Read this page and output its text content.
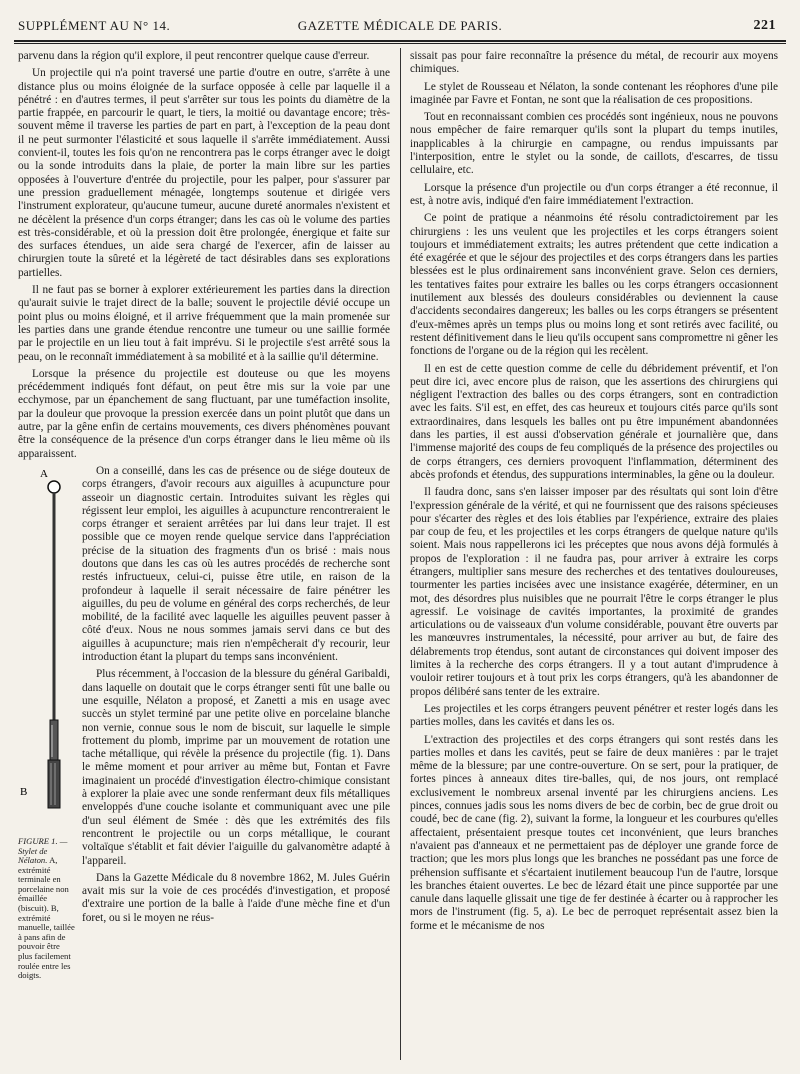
SUPPLÉMENT AU N° 14.	GAZETTE MÉDICALE DE PARIS.	221

parvenu dans la région qu'il explore, il peut rencontrer quelque cause d'erreur.

Un projectile qui n'a point traversé une partie d'outre en outre, s'arrête à une distance plus ou moins éloignée de la surface opposée à celle par laquelle il a pénétré : en d'autres termes, il peut s'arrêter sur tous les points du diamètre de la partie frappée, en parcourir le quart, le tiers, la moitié ou davantage encore; très-souvent même il traverse les parties de part en part, à l'exception de la peau dont il ne peut surmonter l'élasticité et sous laquelle il s'arrête immédiatement. Aussi convient-il, toutes les fois qu'on ne rencontrera pas le corps étranger avec le doigt ou la sonde introduits dans la plaie, de porter la main libre sur les parties opposées à l'ouverture d'entrée du projectile, pour les palper, pour s'assurer par une pression graduellement ménagée, longtemps soutenue et dirigée vers l'instrument explorateur, qu'aucune tumeur, aucune dureté anormales n'existent et ne décèlent la présence d'un corps étranger; dans les cas où le volume des parties est très-considérable, et où la pression doit être prolongée, énergique et faite sur des surfaces étendues, un aide sera chargé de l'exercer, afin de laisser au chirurgien toute la sûreté et la légèreté de tact désirables dans ses explorations partielles.

Il ne faut pas se borner à explorer extérieurement les parties dans la direction qu'aurait suivie le trajet direct de la balle; souvent le projectile dévié occupe un point plus ou moins éloigné, et il arrive fréquemment que la main promenée sur les parties dans une grande étendue rencontre une tumeur ou une saillie formée par le projectile en un lieu tout à fait imprévu. Si le projectile s'est arrêté sous la peau, on le reconnaît immédiatement à sa mobilité et à la saillie qu'il détermine.

Lorsque la présence du projectile est douteuse ou que les moyens précédemment indiqués font défaut, on peut être mis sur la voie par une ecchymose, par un épanchement de sang fluctuant, par une tuméfaction insolite, par la douleur que provoque la pression exercée dans un point plutôt que dans un autre, par la gêne enfin de certains mouvements, ces divers phénomènes pouvant être la conséquence de la présence d'un corps étranger dans le lieu même où ils apparaissent.

A
B
FIGURE 1. — Stylet de Nélaton. A, extrémité terminale en porcelaine non émaillée (biscuit). B, extrémité manuelle, taillée à pans afin de pouvoir être plus facilement roulée entre les doigts.

On a conseillé, dans les cas de présence ou de siége douteux de corps étrangers, d'avoir recours aux aiguilles à acupuncture pour asseoir un diagnostic certain. Introduites suivant les règles qui régissent leur emploi, les aiguilles à acupuncture rencontreraient le corps étranger et seraient arrêtées par lui dans leur trajet. Il est possible que ce moyen rende quelque service dans l'appréciation précise de la situation des fragments d'un os brisé : mais nous doutons que dans les cas où les autres procédés de recherche sont restés infructueux, celui-ci, puisse être utile, en raison de la profondeur à laquelle il serait nécessaire de faire pénétrer les aiguilles, du peu de volume en général des corps recherchés, de leur mobilité, de la facilité avec laquelle les aiguilles peuvent passer à côté d'eux. Nous ne nous sommes jamais servi dans ce but des aiguilles à acupuncture; mais rien n'empêcherait d'y recourir, leur introduction étant la plupart du temps sans inconvénient.

Plus récemment, à l'occasion de la blessure du général Garibaldi, dans laquelle on doutait que le corps étranger senti fût une balle ou une esquille, Nélaton a proposé, et Zanetti a mis en usage avec succès un stylet terminé par une petite olive en porcelaine blanche non vernie, connue sous le nom de biscuit, sur laquelle le simple frottement du plomb, imprime par un mouvement de rotation une tache métallique, qui révèle la présence du projectile (fig. 1). Dans le même moment et pour arriver au même but, Fontan et Favre imaginaient un procédé d'investigation électro-chimique consistant à explorer la plaie avec une sonde renfermant deux fils métalliques enveloppés d'une couche isolante et communiquant avec une pile d'un seul élément de Smée : dès que les extrémités des fils rencontrent le projectile ou un corps métallique, le courant voltaïque s'établit et fait dévier l'aiguille du galvanomètre adapté à l'appareil.

Dans la Gazette Médicale du 8 novembre 1862, M. Jules Guérin avait mis sur la voie de ces procédés d'investigation, et proposé d'extraire une portion de la balle à l'aide d'une mèche fine et d'un foret, ou si le moyen ne réus-

sissait pas pour faire reconnaître la présence du métal, de recourir aux moyens chimiques.

Le stylet de Rousseau et Nélaton, la sonde contenant les réophores d'une pile imaginée par Favre et Fontan, ne sont que la réalisation de ces propositions.

Tout en reconnaissant combien ces procédés sont ingénieux, nous ne pouvons nous empêcher de faire remarquer qu'ils sont la plupart du temps inutiles, inapplicables à la chirurgie en campagne, ou rendus impuissants par l'interposition, entre le stylet ou la sonde, de caillots, d'escarres, de tissu cellulaire, etc.

Lorsque la présence d'un projectile ou d'un corps étranger a été reconnue, il est, à notre avis, indiqué d'en faire immédiatement l'extraction.

Ce point de pratique a néanmoins été résolu contradictoirement par les chirurgiens : les uns veulent que les projectiles et les corps étrangers soient toujours et immédiatement extraits; les autres prétendent que cette indication a été exagérée et que le séjour des projectiles et des corps étrangers dans les parties blessées est le plus ordinairement sans inconvénient grave. Selon ces derniers, les tentatives faites pour extraire les balles ou les corps étrangers occasionnent inutilement aux blessés des douleurs considérables ou deviennent la cause d'accidents secondaires dangereux; les balles ou les corps étrangers se présentent d'eux-mêmes après un temps plus ou moins long et sont retirés avec facilité, ou restent définitivement dans le lieu qu'ils occupent sans compromettre ni gêner les fonctions de l'organe ou de la région qui les recèlent.

Il en est de cette question comme de celle du débridement préventif, et l'on peut dire ici, avec encore plus de raison, que les assertions des chirurgiens qui négligent l'extraction des balles ou des corps étrangers, sont en contradiction avec les faits. S'il est, en effet, des cas heureux et toujours cités parce qu'ils sont extraordinaires, dans lesquels les balles ont pu être impunément abandonnées dans les parties, il est aussi d'observation générale et journalière que, dans l'immense majorité des coups de feu compliqués de la présence des projectiles ou de corps étrangers, ces derniers provoquent l'inflammation, déterminent des abcès profonds et étendus, des suppurations interminables, la gêne ou la douleur.

Il faudra donc, sans s'en laisser imposer par des résultats qui sont loin d'être l'expression générale de la vérité, et qui ne fournissent que des raisons spécieuses pour s'écarter des règles et des lois établies par l'expérience, extraire des plaies par coup de feu, et les projectiles et les corps étrangers de quelque nature qu'ils soient. Mais nous rappellerons ici les préceptes que nous avons déjà formulés à propos de l'exploration : il ne faudra pas, pour arriver à extraire les corps étrangers, multiplier sans mesure des recherches et des tentatives douloureuses, tourmenter les parties incisées avec une insistance exagérée, déterminer, en un mot, des désordres plus nuisibles que ne pourrait l'être le corps étranger le plus agressif. Le voisinage de cavités importantes, la proximité de grandes articulations ou de vaisseaux d'un volume considérable, pouvant être ouverts par les manœuvres instrumentales, la nécessité, pour arriver au but, de faire des délabrements trop étendus, sont autant de circonstances qui doivent imposer des limites à la recherche des corps étrangers. Il y a tout autant d'imprudence à vouloir retirer toujours et à tout prix les corps étrangers, qu'à les abandonner de propos délibéré sans tenter de les extraire.

Les projectiles et les corps étrangers peuvent pénétrer et rester logés dans les parties molles, dans les cavités et dans les os.

L'extraction des projectiles et des corps étrangers qui sont restés dans les parties molles et dans les cavités, peut se faire de deux manières : par le trajet même de la blessure; par une contre-ouverture. On se sert, pour la pratiquer, de fortes pinces à anneaux dites tire-balles, qui, de nos jours, ont remplacé exclusivement le nombreux arsenal inventé par les chirurgiens anciens. Les pinces, connues jadis sous les noms divers de bec de corbin, bec de grue droit ou coudé, bec de cane (fig. 2), suivant la forme, la longueur et les courbures qu'elles affectaient, présentaient presque toutes cet inconvénient, que leurs branches n'avaient pas d'anneaux et ne permettaient pas de déployer une grande force de traction; que les mors plus longs que les branches ne possédant pas une force de préhension suffisante et s'écartaient inutilement beaucoup l'un de l'autre, lorsque les branches étaient ouvertes. Le bec de lézard était une pince supportée par une canule dans laquelle glissait une tige de fer destinée à écarter ou à rapprocher les mors de l'instrument (fig. 5, a). Le bec de perroquet représentait assez bien la forme et le mécanisme de nos
